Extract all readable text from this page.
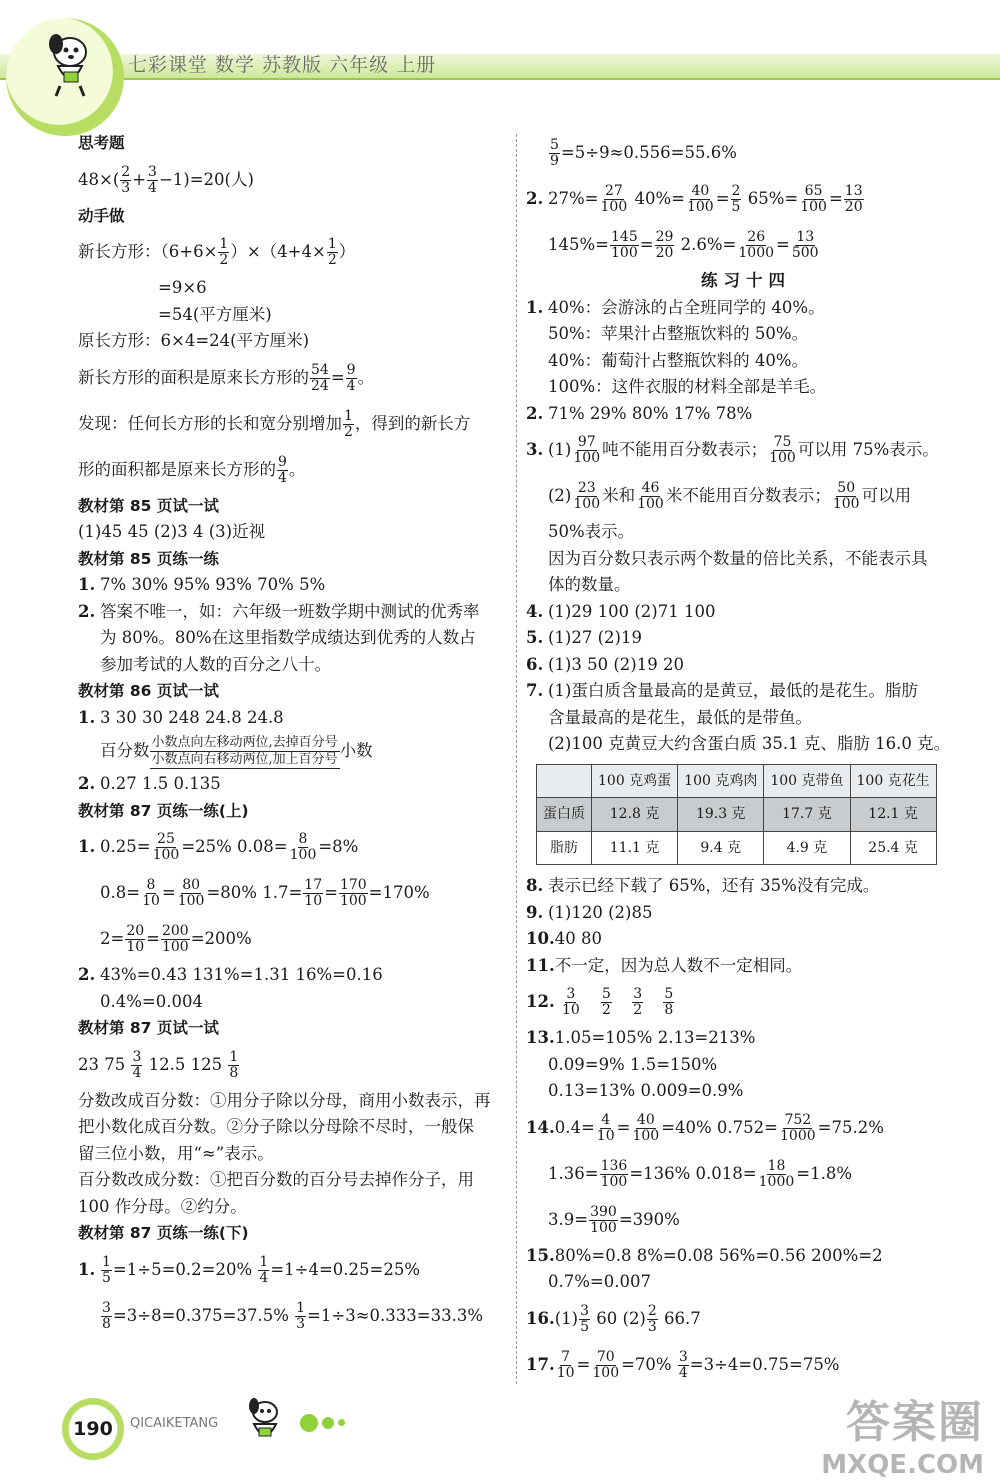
七彩课堂 数学 苏教版 六年级 上册
思考题
$48\times( \frac{2}{3} + \frac{3}{4} -1)=20$(人)
动手做
新长方形：$(6+6\times \frac{1}{2} )\times(4+4\times \frac{1}{2}$ ）
=9×6
=54(平方厘米)
原长方形：6×4=24(平方厘米)
新长方形的面积是原来长方形的 $\frac{54}{24} = \frac{9}{4}$ 。
发现：任何长方形的长和宽分别增加 $\frac{1}{2}$ ，得到的新长方
形的面积都是原来长方形的 $\frac{9}{4}$ 。
教材第 85 页试一试
(1)45 45 (2)3 4 (3)近视
教材第 85 页练一练
1. 7% 30% 95% 93% 70% 5%
2. 答案不唯一，如：六年级一班数学期中测试的优秀率
为 80%。80%在这里指数学成绩达到优秀的人数占
参加考试的人数的百分之八十。
教材第 86 页试一试
1. 3 30 30 248 24.8 24.8
百分数 小数点向左移动两位,去掉百分号
小数点向右移动两位,加上百分号 小数
2. 0.27 1.5 0.135
教材第 87 页练一练(上)
1. $0.25= \frac{25}{100} =25\%$ $0.08= \frac{8}{100} =8\%$
$0.8= \frac{8}{10} = \frac{80}{100} =80\%$ $1.7= \frac{17}{10} = \frac{170}{100} =170\%$
$2= \frac{20}{10} = \frac{200}{100} =200\%$
2. 43%=0.43 131%=1.31 16%=0.16
0.4%=0.004
教材第 87 页试一试
23 $75 \frac{3}{4} 12.5$ $125 \frac{1}{8}$
分数改成百分数：①用分子除以分母，商用小数表示，再
把小数化成百分数。②分子除以分母除不尽时，一般保
留三位小数，用“≈”表示。
百分数改成分数：①把百分数的百分号去掉作分子，用
100 作分母。②约分。
教材第 87 页练一练(下)
1. $\frac{1}{5} =1\div 5=0.2=20\% \frac{1}{4} =1\div 4=0.25=25\%$
$\frac{3}{8} =3\div 8=0.375=37.5\% \frac{1}{3} =1\div 3\approx 0.333=33.3\%$
$\frac{5}{9} =5\div 9\approx 0.556=55.6\%$
2. $27\%= \frac{27}{100} 40\%= \frac{40}{100} = \frac{2}{5} 65\%= \frac{65}{100} = \frac{13}{20}$
$145\%= \frac{145}{100} = \frac{29}{20} 2.6\%= \frac{26}{1000} = \frac{13}{500}$
练习十四
1. 40%：会游泳的占全班同学的 40%。
50%：苹果汁占整瓶饮料的 50%。
40%：葡萄汁占整瓶饮料的 40%。
100%：这件衣服的材料全部是羊毛。
2. 71% 29% 80% 17% 78%
3. $(1) \frac{97}{100}$ 吨不能用百分数表示； $\frac{75}{100}$ 可以用 75%表示。
$(2) \frac{23}{100}$ 米和 $\frac{46}{100}$ 米不能用百分数表示； $\frac{50}{100}$ 可以用
50%表示。
因为百分数只表示两个数量的倍比关系，不能表示具
体的数量。
4. (1)29 100 (2)71 100
5. (1)27 (2)19
6. (1)3 50 (2)19 20
7. (1)蛋白质含量最高的是黄豆，最低的是花生。脂肪
含量最高的是花生，最低的是带鱼。
(2)100 克黄豆大约含蛋白质 35.1 克、脂肪 16.0 克。
	100 克鸡蛋	100 克鸡肉	100 克带鱼	100 克花生
蛋白质	12.8 克	19.3 克	17.7 克	12.1 克
脂肪	11.1 克	9.4 克	4.9 克	25.4 克
8. 表示已经下载了 65%，还有 35%没有完成。
9. (1)120 (2)85
10.40 80
11.不一定，因为总人数不一定相同。
12. $\frac{3}{10}$
$\frac{5}{2}$
$\frac{3}{2}$
$\frac{5}{8}$
13.1.05=105% 2.13=213%
0.09=9% 1.5=150%
0.13=13% 0.009=0.9%
$14.0.4= \frac{4}{10} = \frac{40}{100} =40\%$ $0.752= \frac{752}{1000} =75.2\%$
$1.36= \frac{136}{100} =136\%$ $0.018= \frac{18}{1000} =1.8\%$
$3.9= \frac{390}{100} =390\%$
15.80%=0.8 8%=0.08 56%=0.56 200%=2
0.7%=0.007
$16.(1) \frac{3}{5} 60$ $(2) \frac{2}{3} 66.7$
17. $\frac{7}{10} = \frac{70}{100} =70\% \frac{3}{4} =3\div 4=0.75=75\%$
190	QICAIKETANG	答案圈
MXQE.COM
